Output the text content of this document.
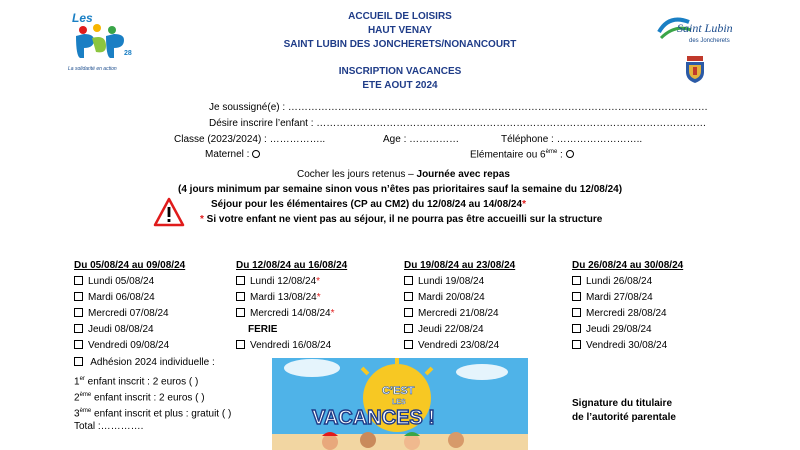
Les
28
La solidarité en action
Saint Lubin
des Joncherets
ACCUEIL DE LOISIRS
HAUT VENAY
SAINT LUBIN DES JONCHERETS/NONANCOURT
INSCRIPTION VACANCES
ETE AOUT 2024
Je soussigné(e) : ………………………………………………………………………………………………………………
Désire inscrire l’enfant : ………………………………………………………………………………………………………
Classe (2023/2024) : ……………..	Age : ……………	Téléphone : ……………………..
Maternel :	Elémentaire ou 6ème :
Cocher les jours retenus – Journée avec repas
(4 jours minimum par semaine sinon vous n’êtes pas prioritaires sauf la semaine du 12/08/24)
Séjour pour les élémentaires (CP au CM2) du 12/08/24 au 14/08/24*
* Si votre enfant ne vient pas au séjour, il ne pourra pas être accueilli sur la structure
Du 05/08/24 au 09/08/24
Lundi 05/08/24
Mardi 06/08/24
Mercredi 07/08/24
Jeudi 08/08/24
Vendredi 09/08/24
Du 12/08/24 au 16/08/24
Lundi 12/08/24*
Mardi 13/08/24*
Mercredi 14/08/24*
FERIE
Vendredi 16/08/24
Du 19/08/24 au 23/08/24
Lundi 19/08/24
Mardi 20/08/24
Mercredi 21/08/24
Jeudi 22/08/24
Vendredi 23/08/24
Du 26/08/24 au 30/08/24
Lundi 26/08/24
Mardi 27/08/24
Mercredi 28/08/24
Jeudi 29/08/24
Vendredi 30/08/24
Adhésion 2024 individuelle :
1er enfant inscrit : 2 euros ( )
2ème enfant inscrit : 2 euros ( )
3ème enfant inscrit et plus : gratuit ( )
Total :………….
C’EST
LES
VACANCES !
Signature du titulaire
de l’autorité parentale
